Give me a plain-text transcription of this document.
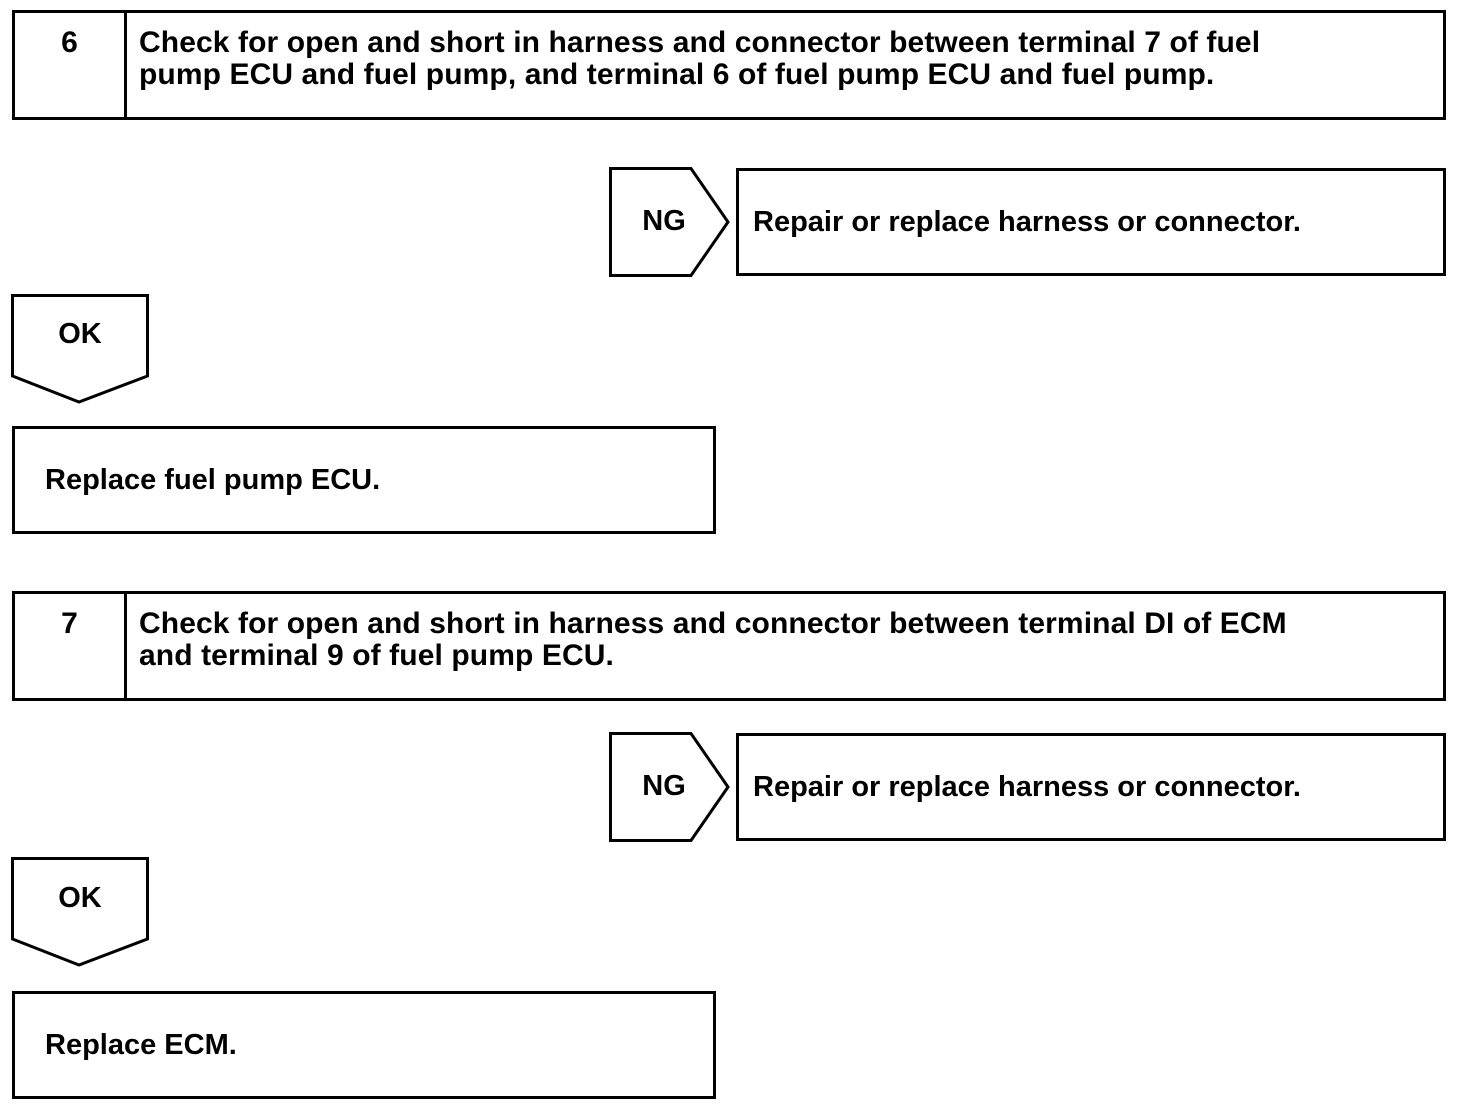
6	Check for open and short in harness and connector between terminal 7 of fuel
pump ECU and fuel pump, and terminal 6 of fuel pump ECU and fuel pump.
NG	Repair or replace harness or connector.
OK
Replace fuel pump ECU.
7	Check for open and short in harness and connector between terminal DI of ECM
and terminal 9 of fuel pump ECU.
NG	Repair or replace harness or connector.
OK
Replace ECM.
